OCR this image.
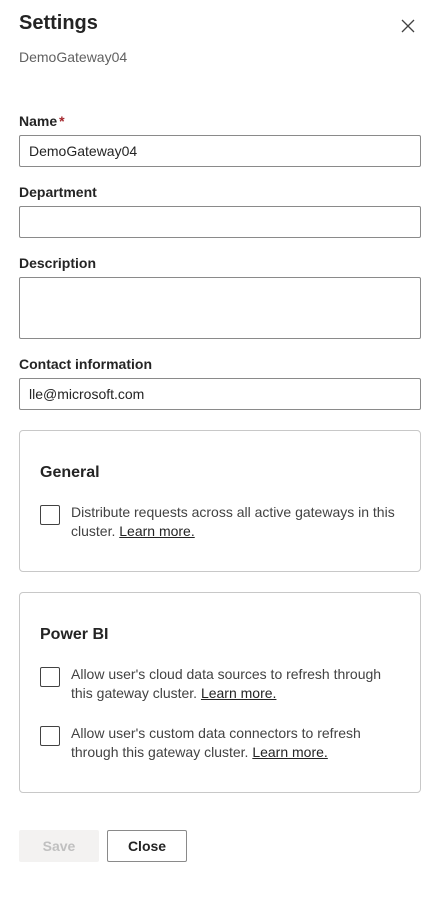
Settings
DemoGateway04
Name *
DemoGateway04
Department
Description
Contact information
lle@microsoft.com
General
Distribute requests across all active gateways in this cluster. Learn more.
Power BI
Allow user's cloud data sources to refresh through this gateway cluster. Learn more.
Allow user's custom data connectors to refresh through this gateway cluster. Learn more.
Save	Close
